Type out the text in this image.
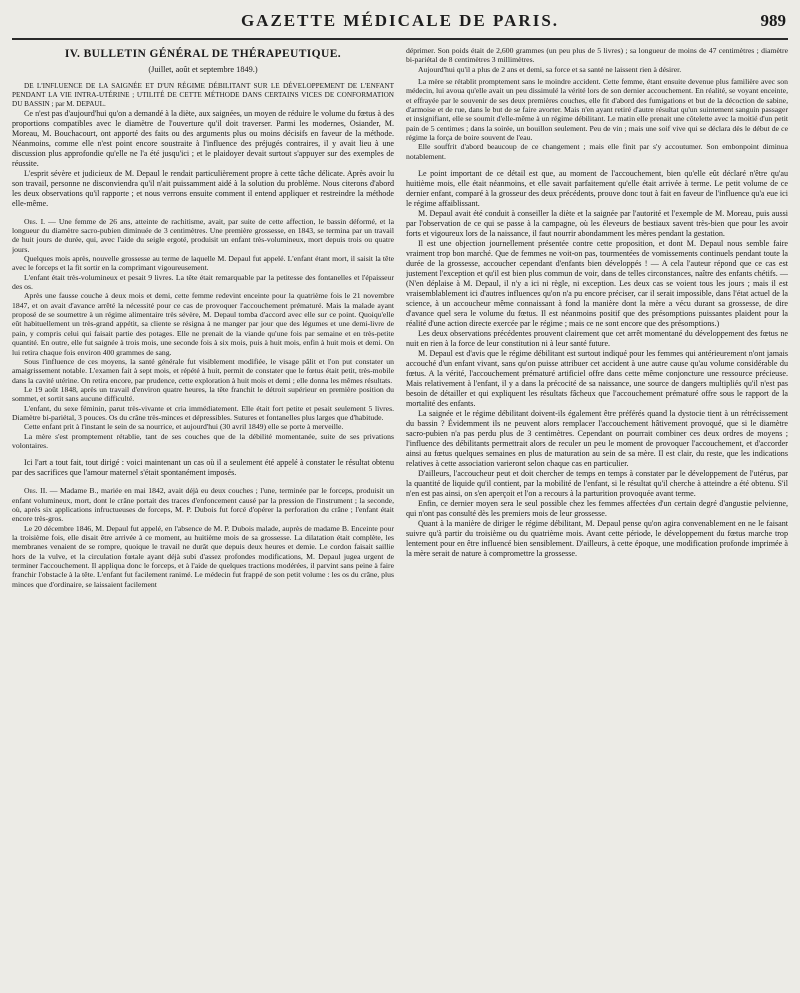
GAZETTE MÉDICALE DE PARIS.	989
IV. BULLETIN GÉNÉRAL DE THÉRAPEUTIQUE.
(Juillet, août et septembre 1849.)

DE L'INFLUENCE DE LA SAIGNÉE ET D'UN RÉGIME DÉBILITANT SUR LE DÉVELOPPEMENT DE L'ENFANT PENDANT LA VIE INTRA-UTÉRINE ; UTILITÉ DE CETTE MÉTHODE DANS CERTAINS VICES DE CONFORMATION DU BASSIN ; par M. DEPAUL.

Ce n'est pas d'aujourd'hui qu'on a demandé à la diète, aux saignées, un moyen de réduire le volume du fœtus à des proportions compatibles avec le diamètre de l'ouverture qu'il doit traverser. Parmi les modernes, Osiander, M. Moreau, M. Bouchacourt, ont apporté des faits ou des arguments plus ou moins décisifs en faveur de la méthode. Néanmoins, comme elle n'est point encore soustraite à l'influence des préjugés contraires, il y avait lieu à une discussion plus approfondie qu'elle ne l'a été jusqu'ici ; et le plaidoyer devait surtout s'appuyer sur des exemples de réussite.

L'esprit sévère et judicieux de M. Depaul le rendait particulièrement propre à cette tâche délicate. Après avoir lu son travail, personne ne disconviendra qu'il n'ait puissamment aidé à la solution du problème. Nous citerons d'abord les deux observations qu'il rapporte ; et nous verrons ensuite comment il entend appliquer et restreindre la méthode elle-même.

Obs. I. — Une femme de 26 ans, atteinte de rachitisme, avait, par suite de cette affection, le bassin déformé, et la longueur du diamètre sacro-pubien diminuée de 3 centimètres. Une première grossesse, en 1843, se termina par un travail de huit jours de durée, qui, avec l'aide du seigle ergoté, produisit un enfant très-volumineux, mort depuis trois ou quatre jours.

Quelques mois après, nouvelle grossesse au terme de laquelle M. Depaul fut appelé. L'enfant étant mort, il saisit la tête avec le forceps et la fit sortir en la comprimant vigoureusement.

L'enfant était très-volumineux et pesait 9 livres. La tête était remarquable par la petitesse des fontanelles et l'épaisseur des os.

Après une fausse couche à deux mois et demi, cette femme redevint enceinte pour la quatrième fois le 21 novembre 1847, et on avait d'avance arrêté la nécessité pour ce cas de provoquer l'accouchement prématuré. Mais la malade ayant proposé de se soumettre à un régime alimentaire très sévère, M. Depaul tomba d'accord avec elle sur ce point. Quoiqu'elle eût habituellement un très-grand appétit, sa cliente se résigna à ne manger par jour que des légumes et une demi-livre de pain, y compris celui qui faisait partie des potages. Elle ne prenait de la viande qu'une fois par semaine et en très-petite quantité. En outre, elle fut saignée à trois mois, une seconde fois à six mois, puis à huit mois, enfin à huit mois et demi. On lui retira chaque fois environ 400 grammes de sang.

Sous l'influence de ces moyens, la santé générale fut visiblement modifiée, le visage pâlit et l'on put constater un amaigrissement notable. L'examen fait à sept mois, et répété à huit, permit de constater que le fœtus était petit, très-mobile dans la cavité utérine. On retira encore, par prudence, cette exploration à huit mois et demi ; elle donna les mêmes résultats.

Le 19 août 1848, après un travail d'environ quatre heures, la tête franchit le détroit supérieur en première position du sommet, et sortit sans aucune difficulté.

L'enfant, du sexe féminin, parut très-vivante et cria immédiatement. Elle était fort petite et pesait seulement 5 livres. Diamètre bi-pariétal, 3 pouces. Os du crâne très-minces et dépressibles. Sutures et fontanelles plus larges que d'habitude.

Cette enfant prit à l'instant le sein de sa nourrice, et aujourd'hui (30 avril 1849) elle se porte à merveille.

La mère s'est promptement rétablie, tant de ses couches que de la débilité momentanée, suite de ses privations volontaires.

Ici l'art a tout fait, tout dirigé : voici maintenant un cas où il a seulement été appelé à constater le résultat obtenu par des sacrifices que l'amour maternel s'était spontanément imposés.

Obs. II. — Madame B., mariée en mai 1842, avait déjà eu deux couches ; l'une, terminée par le forceps, produisit un enfant volumineux, mort, dont le crâne portait des traces d'enfoncement causé par la pression de l'instrument ; la seconde, où, après six applications infructueuses de forceps, M. P. Dubois fut forcé d'opérer la perforation du crâne ; l'enfant était encore très-gros.

Le 20 décembre 1846, M. Depaul fut appelé, en l'absence de M. P. Dubois malade, auprès de madame B. Enceinte pour la troisième fois, elle disait être arrivée à ce moment, au huitième mois de sa grossesse. La dilatation était complète, les membranes venaient de se rompre, quoique le travail ne durât que depuis deux heures et demie. Le cordon faisait saillie hors de la vulve, et la circulation fœtale ayant déjà subi d'assez profondes modifications, M. Depaul jugea urgent de terminer l'accouchement. Il appliqua donc le forceps, et à l'aide de quelques tractions modérées, il parvint sans peine à faire franchir l'obstacle à la tête. L'enfant fut facilement ranimé. Le médecin fut frappé de son petit volume : les os du crâne, plus minces que d'ordinaire, se laissaient facilement

déprimer. Son poids était de 2,600 grammes (un peu plus de 5 livres) ; sa longueur de moins de 47 centimètres ; diamètre bi-pariétal de 8 centimètres 3 millimètres.

Aujourd'hui qu'il a plus de 2 ans et demi, sa force et sa santé ne laissent rien à désirer.

La mère se rétablit promptement sans le moindre accident. Cette femme, étant ensuite devenue plus familière avec son médecin, lui avoua qu'elle avait un peu dissimulé la vérité lors de son dernier accouchement. En réalité, se voyant enceinte, et effrayée par le souvenir de ses deux premières couches, elle fit d'abord des fumigations et but de la décoction de sabine, d'armoise et de rue, dans le but de se faire avorter. Mais n'en ayant retiré d'autre résultat qu'un suintement sanguin passager et insignifiant, elle se soumit d'elle-même à un régime débilitant. Le matin elle prenait une côtelette avec la moitié d'un petit pain de 5 centimes ; dans la soirée, un bouillon seulement. Peu de vin ; mais une soif vive qui se déclara dès le début de ce régime la força de boire souvent de l'eau.

Elle souffrit d'abord beaucoup de ce changement ; mais elle finit par s'y accoutumer. Son embonpoint diminua notablement.

Le point important de ce détail est que, au moment de l'accouchement, bien qu'elle eût déclaré n'être qu'au huitième mois, elle était néanmoins, et elle savait parfaitement qu'elle était arrivée à terme. Le petit volume de ce dernier enfant, comparé à la grosseur des deux précédents, prouve donc tout à fait en faveur de l'influence qu'a eue ici le régime affaiblissant.

M. Depaul avait été conduit à conseiller la diète et la saignée par l'autorité et l'exemple de M. Moreau, puis aussi par l'observation de ce qui se passe à la campagne, où les éleveurs de bestiaux savent très-bien que pour les avoir forts et vigoureux lors de la naissance, il faut nourrir abondamment les mères pendant la gestation.

Il est une objection journellement présentée contre cette proposition, et dont M. Depaul nous semble faire vraiment trop bon marché. Que de femmes ne voit-on pas, tourmentées de vomissements continuels pendant toute la durée de la grossesse, accoucher cependant d'enfants bien développés ! — A cela l'auteur répond que ce cas est justement l'exception et qu'il est bien plus commun de voir, dans de telles circonstances, naître des enfants chétifs. — (N'en déplaise à M. Depaul, il n'y a ici ni règle, ni exception. Les deux cas se voient tous les jours ; mais il est vraisemblablement ici d'autres influences qu'on n'a pu encore préciser, car il serait impossible, dans l'état actuel de la science, à un accoucheur même connaissant à fond la manière dont la mère a vécu durant sa grossesse, de dire d'avance quel sera le volume du fœtus. Il est néanmoins positif que des présomptions puissantes plaident pour la réalité d'une action directe exercée par le régime ; mais ce ne sont encore que des présomptions.)

Les deux observations précédentes prouvent clairement que cet arrêt momentané du développement des fœtus ne nuit en rien à la force de leur constitution ni à leur santé future.

M. Depaul est d'avis que le régime débilitant est surtout indiqué pour les femmes qui antérieurement n'ont jamais accouché d'un enfant vivant, sans qu'on puisse attribuer cet accident à une autre cause qu'au volume considérable du fœtus. A la vérité, l'accouchement prématuré artificiel offre dans cette même conjoncture une ressource précieuse. Mais relativement à l'enfant, il y a dans la précocité de sa naissance, une source de dangers multipliés qu'il n'est pas besoin de détailler et qui expliquent les résultats fâcheux que l'accouchement prématuré offre sous le rapport de la mortalité des enfants.

La saignée et le régime débilitant doivent-ils également être préférés quand la dystocie tient à un rétrécissement du bassin ? Évidemment ils ne peuvent alors remplacer l'accouchement hâtivement provoqué, que si le diamètre sacro-pubien n'a pas perdu plus de 3 centimètres. Cependant on pourrait combiner ces deux ordres de moyens ; l'influence des débilitants permettrait alors de reculer un peu le moment de provoquer l'accouchement, et d'accorder ainsi au fœtus quelques semaines en plus de maturation au sein de sa mère. Il est clair, du reste, que les indications relatives à cette association varieront selon chaque cas en particulier.

D'ailleurs, l'accoucheur peut et doit chercher de temps en temps à constater par le développement de l'utérus, par la quantité de liquide qu'il contient, par la mobilité de l'enfant, si le résultat qu'il cherche à atteindre a été obtenu. S'il n'en est pas ainsi, on s'en aperçoit et l'on a recours à la parturition provoquée avant terme.

Enfin, ce dernier moyen sera le seul possible chez les femmes affectées d'un certain degré d'angustie pelvienne, qui n'ont pas consulté dès les premiers mois de leur grossesse.

Quant à la manière de diriger le régime débilitant, M. Depaul pense qu'on agira convenablement en ne le faisant suivre qu'à partir du troisième ou du quatrième mois. Avant cette période, le développement du fœtus marche trop lentement pour en être influencé bien sensiblement. D'ailleurs, à cette époque, une modification profonde imprimée à la mère serait de nature à compromettre la grossesse.
